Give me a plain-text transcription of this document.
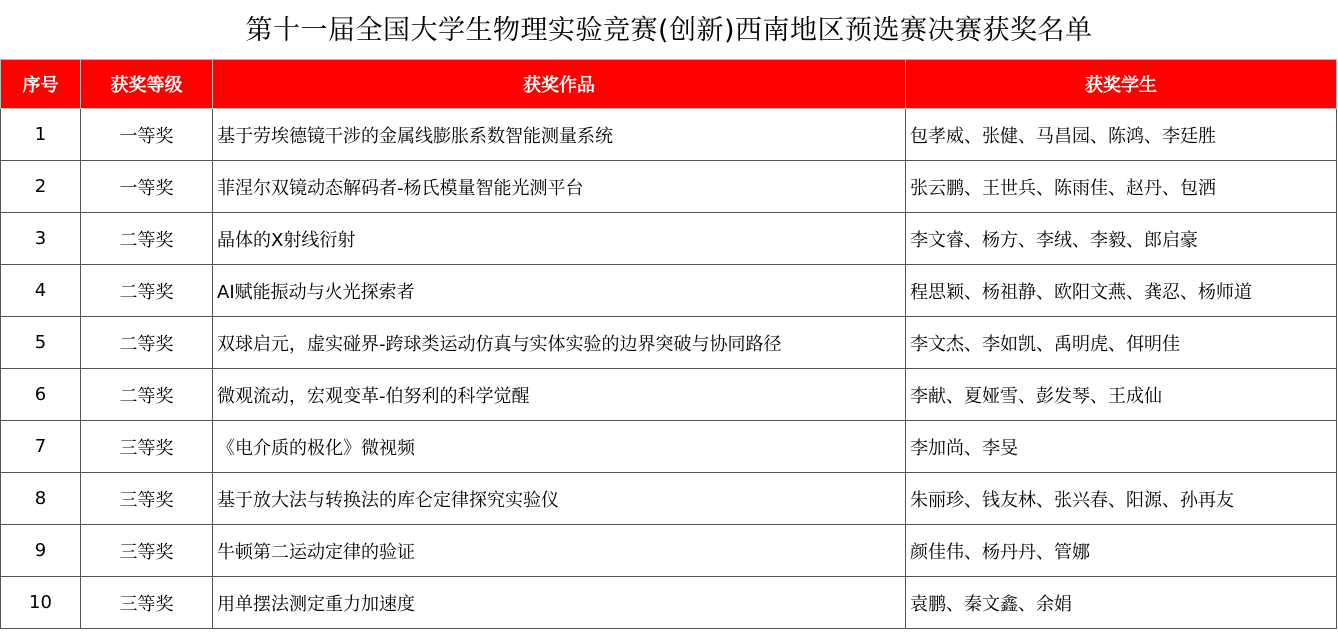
第十一届全国大学生物理实验竞赛(创新)西南地区预选赛决赛获奖名单
序号	获奖等级	获奖作品	获奖学生
1	一等奖	基于劳埃德镜干涉的金属线膨胀系数智能测量系统	包孝威、张健、马昌园、陈鸿、李廷胜
2	一等奖	菲涅尔双镜动态解码者-杨氏模量智能光测平台	张云鹏、王世兵、陈雨佳、赵丹、包洒
3	二等奖	晶体的X射线衍射	李文睿、杨方、李绒、李毅、郎启豪
4	二等奖	AI赋能振动与火光探索者	程思颖、杨祖静、欧阳文燕、龚忍、杨师道
5	二等奖	双球启元，虚实碰界-跨球类运动仿真与实体实验的边界突破与协同路径	李文杰、李如凯、禹明虎、佴明佳
6	二等奖	微观流动，宏观变革-伯努利的科学觉醒	李献、夏娅雪、彭发琴、王成仙
7	三等奖	《电介质的极化》微视频	李加尚、李旻
8	三等奖	基于放大法与转换法的库仑定律探究实验仪	朱丽珍、钱友林、张兴春、阳源、孙再友
9	三等奖	牛顿第二运动定律的验证	颜佳伟、杨丹丹、管娜
10	三等奖	用单摆法测定重力加速度	袁鹏、秦文鑫、余娟
